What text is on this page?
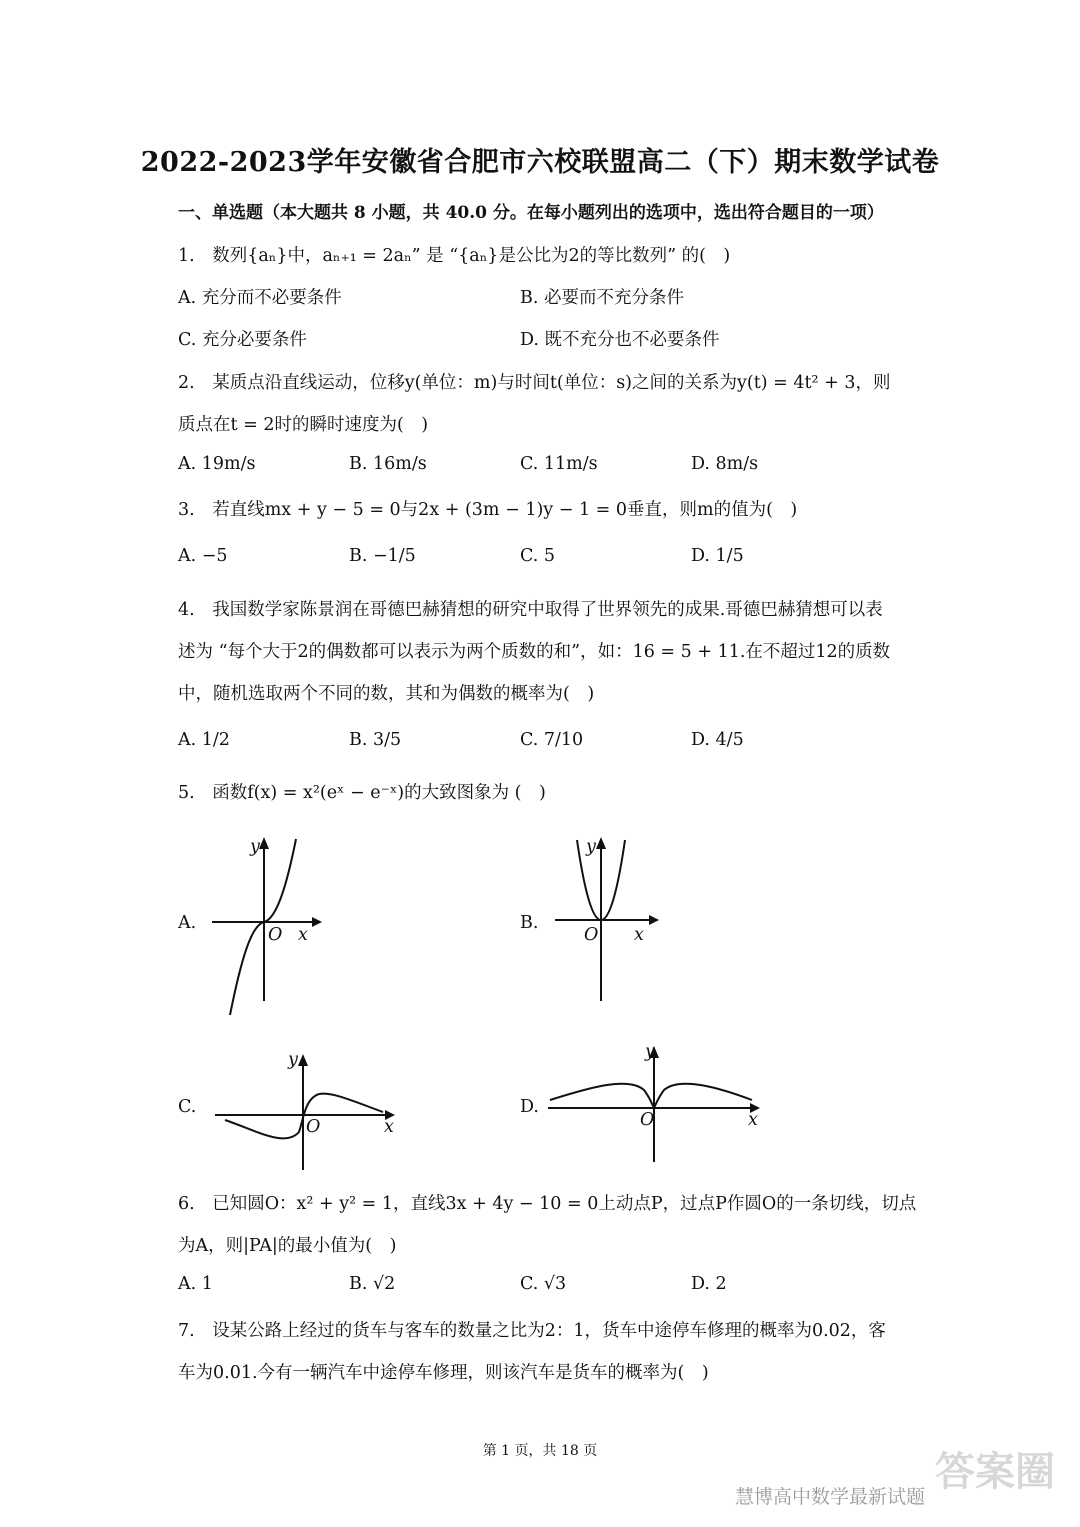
2022-2023学年安徽省合肥市六校联盟高二（下）期末数学试卷
一、单选题（本大题共 8 小题，共 40.0 分。在每小题列出的选项中，选出符合题目的一项）
1.　数列{aₙ}中，aₙ₊₁ = 2aₙ” 是 “{aₙ}是公比为2的等比数列” 的(　)
A. 充分而不必要条件	B. 必要而不充分条件
C. 充分必要条件	D. 既不充分也不必要条件
2.　某质点沿直线运动，位移y(单位：m)与时间t(单位：s)之间的关系为y(t) = 4t² + 3，则
质点在t = 2时的瞬时速度为(　)
A. 19m/s	B. 16m/s	C. 11m/s	D. 8m/s
3.　若直线mx + y − 5 = 0与2x + (3m − 1)y − 1 = 0垂直，则m的值为(　)
A. −5	B. −1/5	C. 5	D. 1/5
4.　我国数学家陈景润在哥德巴赫猜想的研究中取得了世界领先的成果.哥德巴赫猜想可以表
述为 “每个大于2的偶数都可以表示为两个质数的和”，如：16 = 5 + 11.在不超过12的质数
中，随机选取两个不同的数，其和为偶数的概率为(　)
A. 1/2	B. 3/5	C. 7/10	D. 4/5
5.　函数f(x) = x²(eˣ − e⁻ˣ)的大致图象为 (　)
A.
y
O x
B.
y
O x
C.
y
O	x
D.
y
O	x
6.　已知圆O：x² + y² = 1，直线3x + 4y − 10 = 0上动点P，过点P作圆O的一条切线，切点
为A，则|PA|的最小值为(　)
A. 1	B. √2	C. √3	D. 2
7.　设某公路上经过的货车与客车的数量之比为2：1，货车中途停车修理的概率为0.02，客
车为0.01.今有一辆汽车中途停车修理，则该汽车是货车的概率为(　)
第 1 页，共 18 页	答案圈
慧博高中数学最新试题
